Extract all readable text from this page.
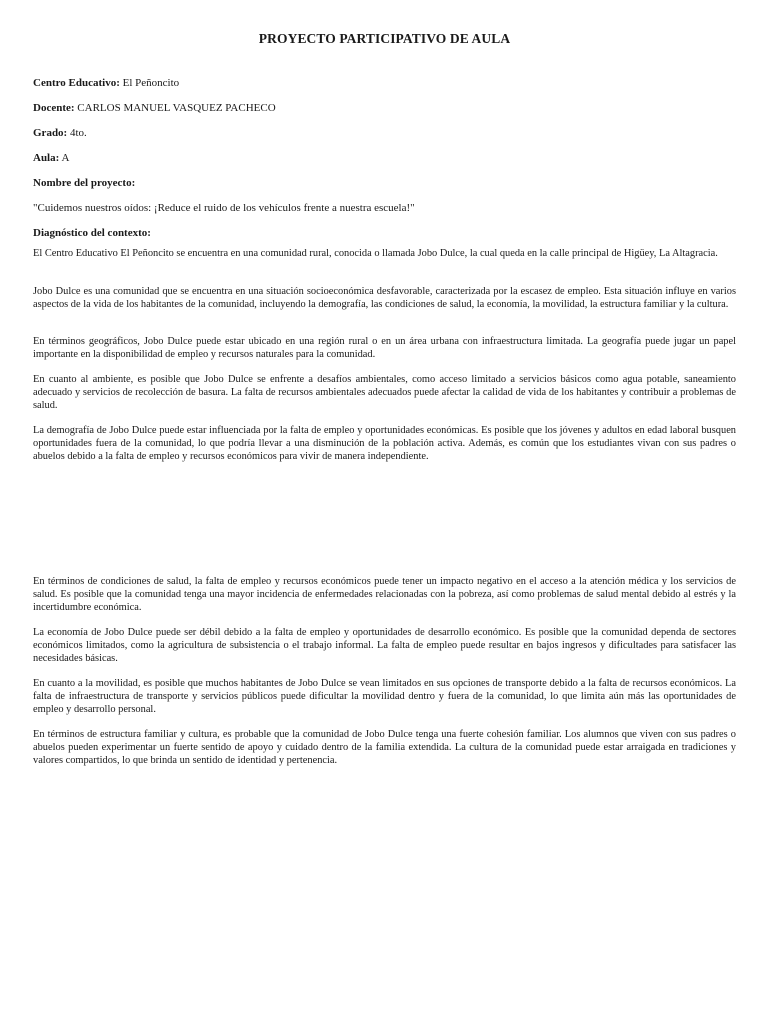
PROYECTO PARTICIPATIVO DE AULA
Centro Educativo: El Peñoncito
Docente: CARLOS MANUEL VASQUEZ PACHECO
Grado: 4to.
Aula: A
Nombre del proyecto:
"Cuidemos nuestros oídos: ¡Reduce el ruido de los vehículos frente a nuestra escuela!"
Diagnóstico del contexto:

El Centro Educativo El Peñoncito se encuentra en una comunidad rural, conocida o llamada Jobo Dulce, la cual queda en la calle principal de Higüey, La Altagracia.

Jobo Dulce es una comunidad que se encuentra en una situación socioeconómica desfavorable, caracterizada por la escasez de empleo. Esta situación influye en varios aspectos de la vida de los habitantes de la comunidad, incluyendo la demografía, las condiciones de salud, la economía, la movilidad, la estructura familiar y la cultura.

En términos geográficos, Jobo Dulce puede estar ubicado en una región rural o en un área urbana con infraestructura limitada. La geografía puede jugar un papel importante en la disponibilidad de empleo y recursos naturales para la comunidad.

En cuanto al ambiente, es posible que Jobo Dulce se enfrente a desafíos ambientales, como acceso limitado a servicios básicos como agua potable, saneamiento adecuado y servicios de recolección de basura. La falta de recursos ambientales adecuados puede afectar la calidad de vida de los habitantes y contribuir a problemas de salud.

La demografía de Jobo Dulce puede estar influenciada por la falta de empleo y oportunidades económicas. Es posible que los jóvenes y adultos en edad laboral busquen oportunidades fuera de la comunidad, lo que podría llevar a una disminución de la población activa. Además, es común que los estudiantes vivan con sus padres o abuelos debido a la falta de empleo y recursos económicos para vivir de manera independiente.

En términos de condiciones de salud, la falta de empleo y recursos económicos puede tener un impacto negativo en el acceso a la atención médica y los servicios de salud. Es posible que la comunidad tenga una mayor incidencia de enfermedades relacionadas con la pobreza, así como problemas de salud mental debido al estrés y la incertidumbre económica.

La economía de Jobo Dulce puede ser débil debido a la falta de empleo y oportunidades de desarrollo económico. Es posible que la comunidad dependa de sectores económicos limitados, como la agricultura de subsistencia o el trabajo informal. La falta de empleo puede resultar en bajos ingresos y dificultades para satisfacer las necesidades básicas.

En cuanto a la movilidad, es posible que muchos habitantes de Jobo Dulce se vean limitados en sus opciones de transporte debido a la falta de recursos económicos. La falta de infraestructura de transporte y servicios públicos puede dificultar la movilidad dentro y fuera de la comunidad, lo que limita aún más las oportunidades de empleo y desarrollo personal.

En términos de estructura familiar y cultura, es probable que la comunidad de Jobo Dulce tenga una fuerte cohesión familiar. Los alumnos que viven con sus padres o abuelos pueden experimentar un fuerte sentido de apoyo y cuidado dentro de la familia extendida. La cultura de la comunidad puede estar arraigada en tradiciones y valores compartidos, lo que brinda un sentido de identidad y pertenencia.
